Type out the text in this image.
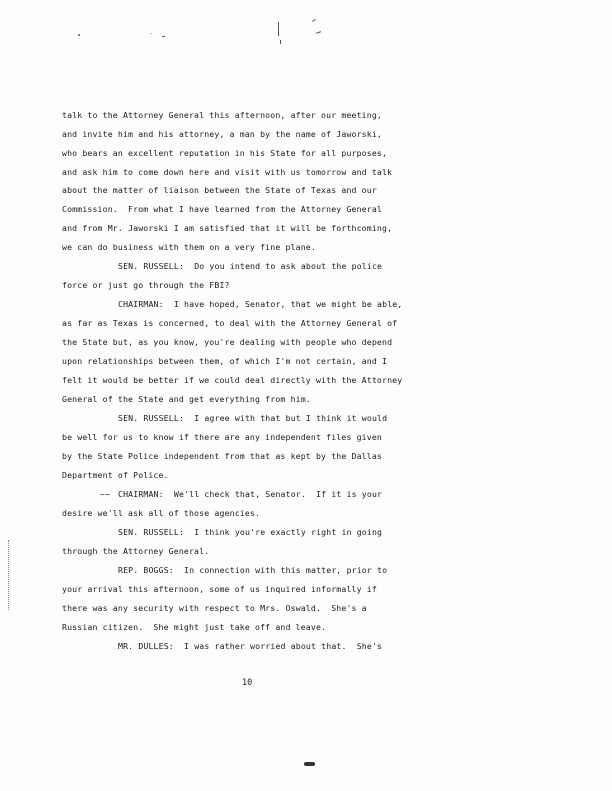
talk to the Attorney General this afternoon, after our meeting,
and invite him and his attorney, a man by the name of Jaworski,
who bears an excellent reputation in his State for all purposes,
and ask him to come down here and visit with us tomorrow and talk
about the matter of liaison between the State of Texas and our
Commission.  From what I have learned from the Attorney General
and from Mr. Jaworski I am satisfied that it will be forthcoming,
we can do business with them on a very fine plane.
SEN. RUSSELL:  Do you intend to ask about the police
force or just go through the FBI?
CHAIRMAN:  I have hoped, Senator, that we might be able,
as far as Texas is concerned, to deal with the Attorney General of
the State but, as you know, you're dealing with people who depend
upon relationships between them, of which I'm not certain, and I
felt it would be better if we could deal directly with the Attorney
General of the State and get everything from him.
SEN. RUSSELL:  I agree with that but I think it would
be well for us to know if there are any independent files given
by the State Police independent from that as kept by the Dallas
Department of Police.
~~ CHAIRMAN:  We'll check that, Senator.  If it is your
desire we'll ask all of those agencies.
SEN. RUSSELL:  I think you're exactly right in going
through the Attorney General.
REP. BOGGS:  In connection with this matter, prior to
your arrival this afternoon, some of us inquired informally if
there was any security with respect to Mrs. Oswald.  She's a
Russian citizen.  She might just take off and leave.
MR. DULLES:  I was rather worried about that.  She's
10
-
